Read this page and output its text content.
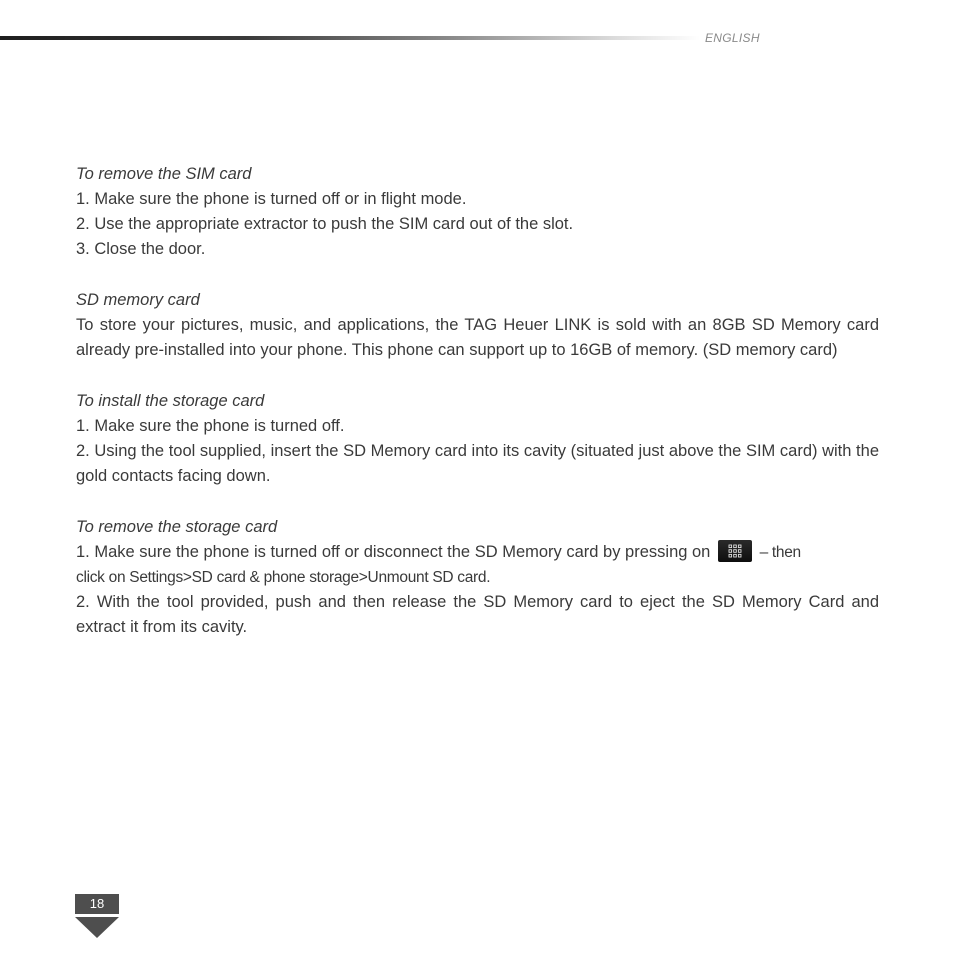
ENGLISH

To remove the SIM card

1. Make sure the phone is turned off or in flight mode.

2. Use the appropriate extractor to push the SIM card out of the slot.

3. Close the door.

SD memory card

To store your pictures, music, and applications, the TAG Heuer LINK is sold with an 8GB SD Memory card already pre-installed into your phone. This phone can support up to 16GB of memory. (SD memory card)

To install the storage card

1. Make sure the phone is turned off.

2. Using the tool supplied, insert the SD Memory card into its cavity (situated just above the SIM card) with the gold contacts facing down.

To remove the storage card

1. Make sure the phone is turned off or disconnect the SD Memory card by pressing on	– then

click on Settings>SD card & phone storage>Unmount SD card.

2. With the tool provided, push and then release the SD Memory card to eject the SD Memory Card and extract it from its cavity.

18
